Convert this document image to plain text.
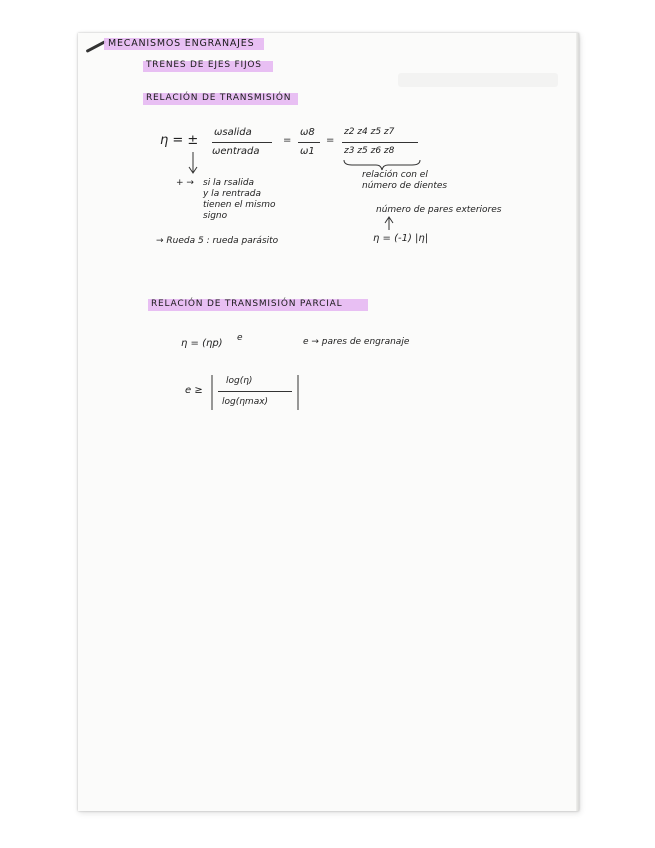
MECANISMOS ENGRANAJES
TRENES DE EJES FIJOS
RELACIÓN DE TRANSMISIÓN
η = ±
ωsalida
ωentrada
=
ω8
ω1
=
z2 z4 z5 z7
z3 z5 z6 z8
+ → si la rsalida
y la rentrada
tienen el mismo
signo
relación con el
número de dientes
número de pares exteriores
→ Rueda 5 : rueda parásito	η = (-1) |η|
RELACIÓN DE TRANSMISIÓN PARCIAL
η = (ηp) e	e → pares de engranaje
e ≥
log(η)
log(ηmax)
